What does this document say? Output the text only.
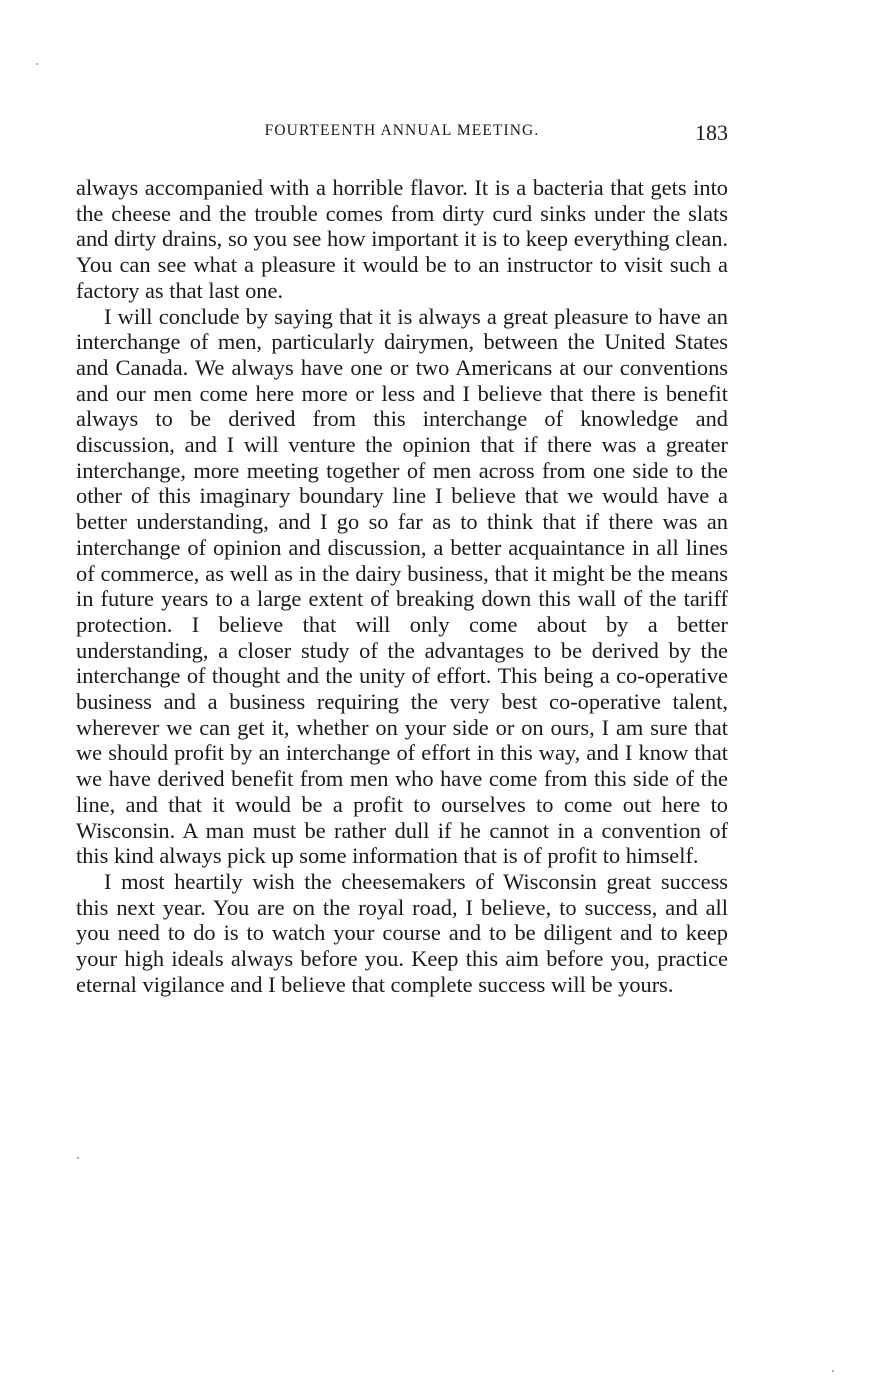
FOURTEENTH ANNUAL MEETING.	183

always accompanied with a horrible flavor. It is a bacteria that gets into the cheese and the trouble comes from dirty curd sinks under the slats and dirty drains, so you see how important it is to keep everything clean. You can see what a pleasure it would be to an instructor to visit such a factory as that last one.

I will conclude by saying that it is always a great pleasure to have an interchange of men, particularly dairymen, between the United States and Canada. We always have one or two Americans at our conventions and our men come here more or less and I believe that there is benefit always to be derived from this interchange of knowledge and discussion, and I will venture the opinion that if there was a greater interchange, more meeting together of men across from one side to the other of this imaginary boundary line I believe that we would have a better understanding, and I go so far as to think that if there was an interchange of opinion and discussion, a better acquaintance in all lines of commerce, as well as in the dairy business, that it might be the means in future years to a large extent of breaking down this wall of the tariff protection. I believe that will only come about by a better understanding, a closer study of the advantages to be derived by the interchange of thought and the unity of effort. This being a co-operative business and a business requiring the very best co-operative talent, wherever we can get it, whether on your side or on ours, I am sure that we should profit by an interchange of effort in this way, and I know that we have derived benefit from men who have come from this side of the line, and that it would be a profit to ourselves to come out here to Wisconsin. A man must be rather dull if he cannot in a convention of this kind always pick up some information that is of profit to himself.

I most heartily wish the cheesemakers of Wisconsin great success this next year. You are on the royal road, I believe, to success, and all you need to do is to watch your course and to be diligent and to keep your high ideals always before you. Keep this aim before you, practice eternal vigilance and I believe that complete success will be yours.
